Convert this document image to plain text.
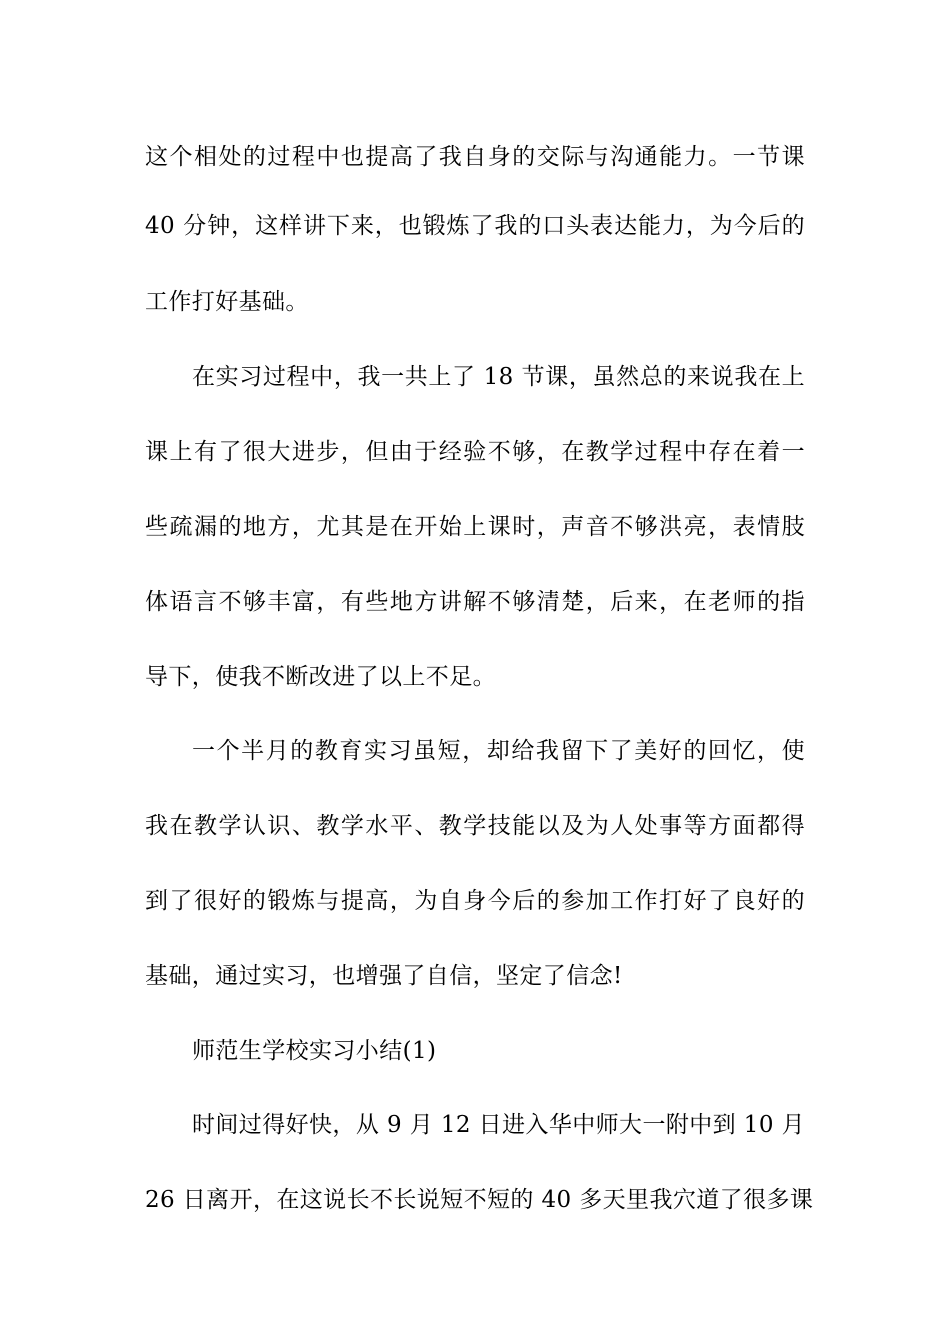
这个相处的过程中也提高了我自身的交际与沟通能力。一节课
40 分钟，这样讲下来，也锻炼了我的口头表达能力，为今后的
工作打好基础。
在实习过程中，我一共上了 18 节课，虽然总的来说我在上
课上有了很大进步，但由于经验不够，在教学过程中存在着一
些疏漏的地方，尤其是在开始上课时，声音不够洪亮，表情肢
体语言不够丰富，有些地方讲解不够清楚，后来，在老师的指
导下，使我不断改进了以上不足。
一个半月的教育实习虽短，却给我留下了美好的回忆，使
我在教学认识、教学水平、教学技能以及为人处事等方面都得
到了很好的锻炼与提高，为自身今后的参加工作打好了良好的
基础，通过实习，也增强了自信，坚定了信念!
师范生学校实习小结(1)
时间过得好快，从 9 月 12 日进入华中师大一附中到 10 月
26 日离开，在这说长不长说短不短的 40 多天里我穴道了很多课
